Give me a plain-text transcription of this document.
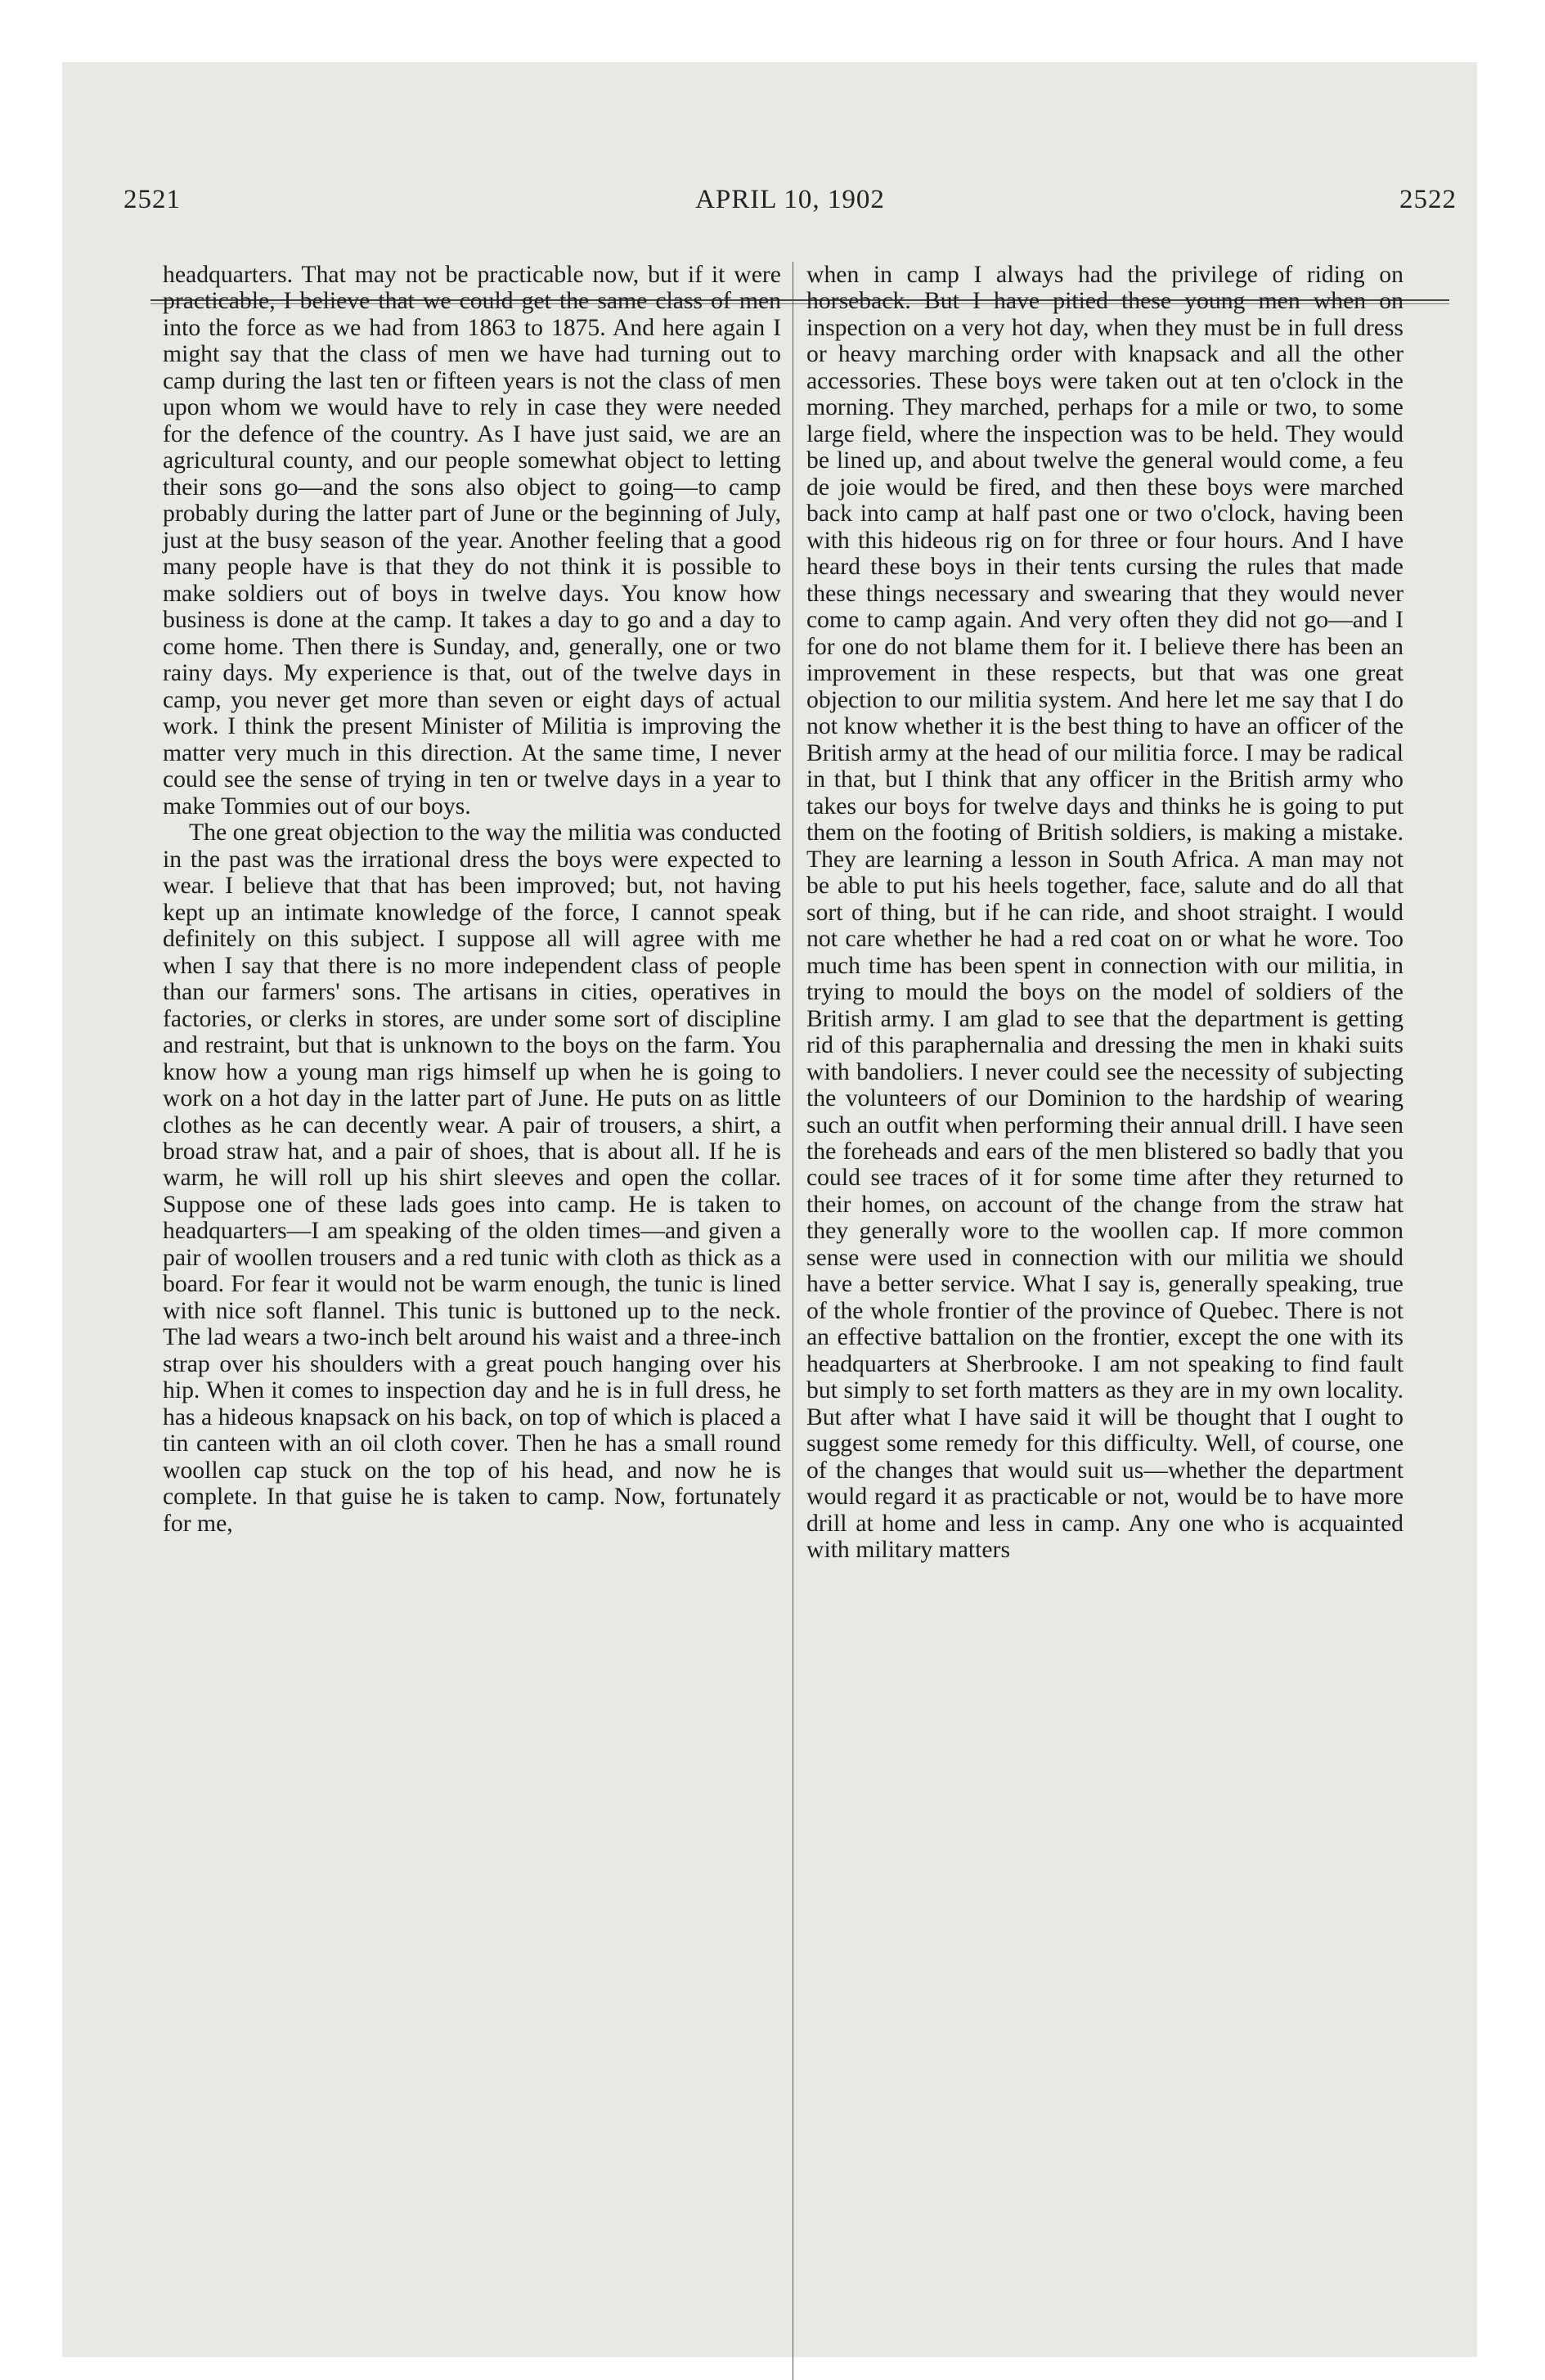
2521	APRIL 10, 1902	2522

headquarters. That may not be practicable now, but if it were practicable, I believe that we could get the same class of men into the force as we had from 1863 to 1875. And here again I might say that the class of men we have had turning out to camp during the last ten or fifteen years is not the class of men upon whom we would have to rely in case they were needed for the defence of the country. As I have just said, we are an agricultural county, and our people somewhat object to letting their sons go—and the sons also object to going—to camp probably during the latter part of June or the beginning of July, just at the busy season of the year. Another feeling that a good many people have is that they do not think it is possible to make soldiers out of boys in twelve days. You know how business is done at the camp. It takes a day to go and a day to come home. Then there is Sunday, and, generally, one or two rainy days. My experience is that, out of the twelve days in camp, you never get more than seven or eight days of actual work. I think the present Minister of Militia is improving the matter very much in this direction. At the same time, I never could see the sense of trying in ten or twelve days in a year to make Tommies out of our boys.

The one great objection to the way the militia was conducted in the past was the irrational dress the boys were expected to wear. I believe that that has been improved; but, not having kept up an intimate knowledge of the force, I cannot speak definitely on this subject. I suppose all will agree with me when I say that there is no more independent class of people than our farmers' sons. The artisans in cities, operatives in factories, or clerks in stores, are under some sort of discipline and restraint, but that is unknown to the boys on the farm. You know how a young man rigs himself up when he is going to work on a hot day in the latter part of June. He puts on as little clothes as he can decently wear. A pair of trousers, a shirt, a broad straw hat, and a pair of shoes, that is about all. If he is warm, he will roll up his shirt sleeves and open the collar. Suppose one of these lads goes into camp. He is taken to headquarters—I am speaking of the olden times—and given a pair of woollen trousers and a red tunic with cloth as thick as a board. For fear it would not be warm enough, the tunic is lined with nice soft flannel. This tunic is buttoned up to the neck. The lad wears a two-inch belt around his waist and a three-inch strap over his shoulders with a great pouch hanging over his hip. When it comes to inspection day and he is in full dress, he has a hideous knapsack on his back, on top of which is placed a tin canteen with an oil cloth cover. Then he has a small round woollen cap stuck on the top of his head, and now he is complete. In that guise he is taken to camp. Now, fortunately for me,

when in camp I always had the privilege of riding on horseback. But I have pitied these young men when on inspection on a very hot day, when they must be in full dress or heavy marching order with knapsack and all the other accessories. These boys were taken out at ten o'clock in the morning. They marched, perhaps for a mile or two, to some large field, where the inspection was to be held. They would be lined up, and about twelve the general would come, a feu de joie would be fired, and then these boys were marched back into camp at half past one or two o'clock, having been with this hideous rig on for three or four hours. And I have heard these boys in their tents cursing the rules that made these things necessary and swearing that they would never come to camp again. And very often they did not go—and I for one do not blame them for it. I believe there has been an improvement in these respects, but that was one great objection to our militia system. And here let me say that I do not know whether it is the best thing to have an officer of the British army at the head of our militia force. I may be radical in that, but I think that any officer in the British army who takes our boys for twelve days and thinks he is going to put them on the footing of British soldiers, is making a mistake. They are learning a lesson in South Africa. A man may not be able to put his heels together, face, salute and do all that sort of thing, but if he can ride, and shoot straight. I would not care whether he had a red coat on or what he wore. Too much time has been spent in connection with our militia, in trying to mould the boys on the model of soldiers of the British army. I am glad to see that the department is getting rid of this paraphernalia and dressing the men in khaki suits with bandoliers. I never could see the necessity of subjecting the volunteers of our Dominion to the hardship of wearing such an outfit when performing their annual drill. I have seen the foreheads and ears of the men blistered so badly that you could see traces of it for some time after they returned to their homes, on account of the change from the straw hat they generally wore to the woollen cap. If more common sense were used in connection with our militia we should have a better service. What I say is, generally speaking, true of the whole frontier of the province of Quebec. There is not an effective battalion on the frontier, except the one with its headquarters at Sherbrooke. I am not speaking to find fault but simply to set forth matters as they are in my own locality. But after what I have said it will be thought that I ought to suggest some remedy for this difficulty. Well, of course, one of the changes that would suit us—whether the department would regard it as practicable or not, would be to have more drill at home and less in camp. Any one who is acquainted with military matters
